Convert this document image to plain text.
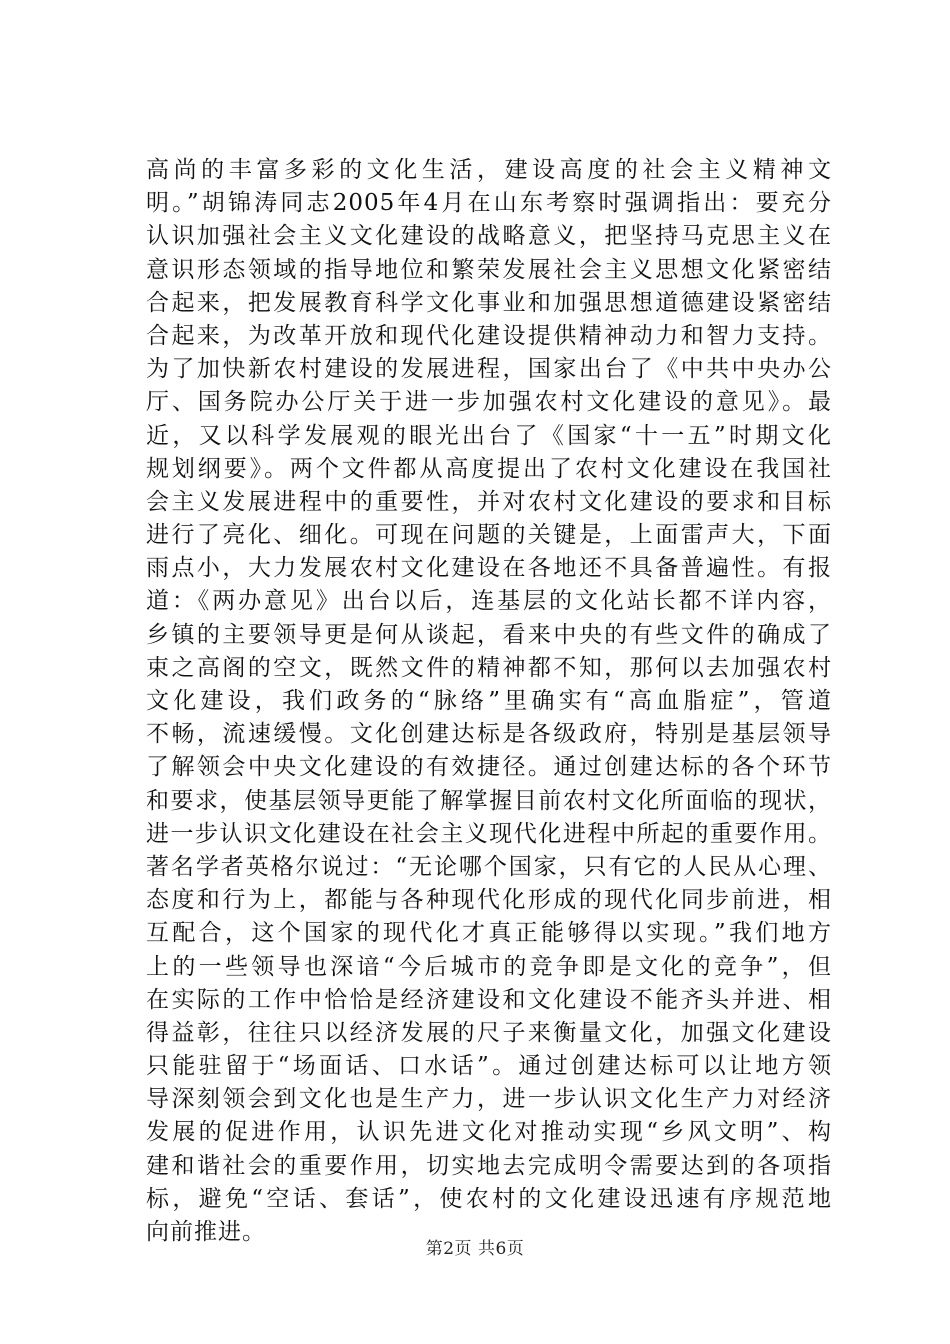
高尚的丰富多彩的文化生活，建设高度的社会主义精神文
明。”胡锦涛同志2005年4月在山东考察时强调指出：要充分
认识加强社会主义文化建设的战略意义，把坚持马克思主义在
意识形态领域的指导地位和繁荣发展社会主义思想文化紧密结
合起来，把发展教育科学文化事业和加强思想道德建设紧密结
合起来，为改革开放和现代化建设提供精神动力和智力支持。
为了加快新农村建设的发展进程，国家出台了《中共中央办公
厅、国务院办公厅关于进一步加强农村文化建设的意见》。最
近，又以科学发展观的眼光出台了《国家“十一五”时期文化
规划纲要》。两个文件都从高度提出了农村文化建设在我国社
会主义发展进程中的重要性，并对农村文化建设的要求和目标
进行了亮化、细化。可现在问题的关键是，上面雷声大，下面
雨点小，大力发展农村文化建设在各地还不具备普遍性。有报
道：《两办意见》出台以后，连基层的文化站长都不详内容，
乡镇的主要领导更是何从谈起，看来中央的有些文件的确成了
束之高阁的空文，既然文件的精神都不知，那何以去加强农村
文化建设，我们政务的“脉络”里确实有“高血脂症”，管道
不畅，流速缓慢。文化创建达标是各级政府，特别是基层领导
了解领会中央文化建设的有效捷径。通过创建达标的各个环节
和要求，使基层领导更能了解掌握目前农村文化所面临的现状，
进一步认识文化建设在社会主义现代化进程中所起的重要作用。
著名学者英格尔说过：“无论哪个国家，只有它的人民从心理、
态度和行为上，都能与各种现代化形成的现代化同步前进，相
互配合，这个国家的现代化才真正能够得以实现。”我们地方
上的一些领导也深谙“今后城市的竞争即是文化的竞争”，但
在实际的工作中恰恰是经济建设和文化建设不能齐头并进、相
得益彰，往往只以经济发展的尺子来衡量文化，加强文化建设
只能驻留于“场面话、口水话”。通过创建达标可以让地方领
导深刻领会到文化也是生产力，进一步认识文化生产力对经济
发展的促进作用，认识先进文化对推动实现“乡风文明”、构
建和谐社会的重要作用，切实地去完成明令需要达到的各项指
标，避免“空话、套话”，使农村的文化建设迅速有序规范地
向前推进。
第2页 共6页
